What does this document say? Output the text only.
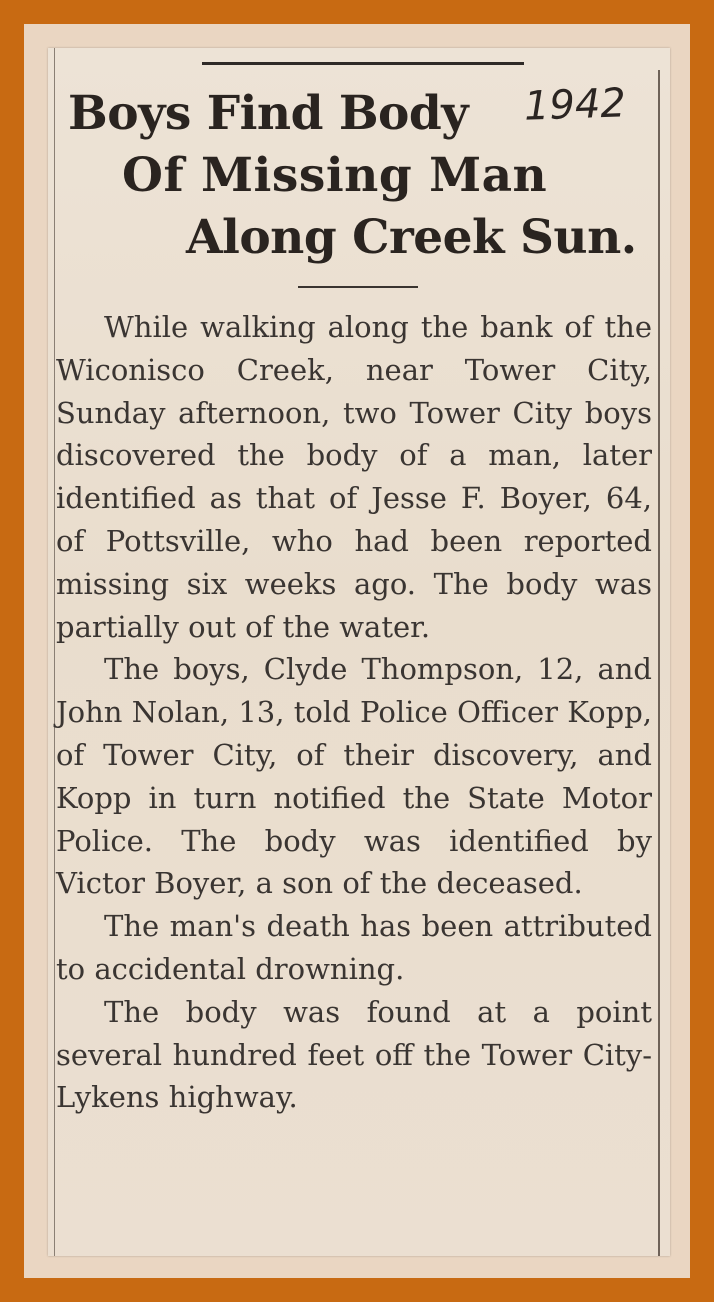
Boys Find Body
Of Missing Man
Along Creek Sun.
1942

While walking along the bank of the Wiconisco Creek, near Tower City, Sunday afternoon, two Tower City boys discovered the body of a man, later identified as that of Jesse F. Boyer, 64, of Pottsville, who had been reported missing six weeks ago. The body was partially out of the water.

The boys, Clyde Thompson, 12, and John Nolan, 13, told Police Officer Kopp, of Tower City, of their discovery, and Kopp in turn notified the State Motor Police. The body was identified by Victor Boyer, a son of the deceased.

The man's death has been attributed to accidental drowning.

The body was found at a point several hundred feet off the Tower City-Lykens highway.
